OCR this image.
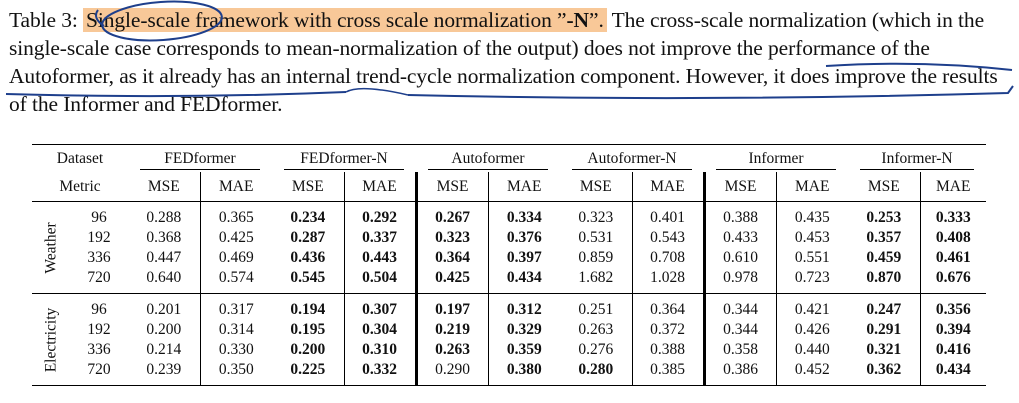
Table 3: Single-scale framework with cross scale normalization ”-N”. The cross-scale normalization (which in the single-scale case corresponds to mean-normalization of the output) does not improve the performance of the Autoformer, as it already has an internal trend-cycle normalization component. However, it does improve the results of the Informer and FEDformer.
Dataset		FEDformer		FEDformer-N		Autoformer		Autoformer-N		Informer		Informer-N	
Metric		MSE	MAE	MSE	MAE	MSE	MAE	MSE	MAE	MSE	MAE	MSE	MAE

Weather	96	0.288	0.365	0.234	0.292	0.267	0.334	0.323	0.401	0.388	0.435	0.253	0.333
	192	0.368	0.425	0.287	0.337	0.323	0.376	0.531	0.543	0.433	0.453	0.357	0.408
	336	0.447	0.469	0.436	0.443	0.364	0.397	0.859	0.708	0.610	0.551	0.459	0.461
	720	0.640	0.574	0.545	0.504	0.425	0.434	1.682	1.028	0.978	0.723	0.870	0.676

Electricity	96	0.201	0.317	0.194	0.307	0.197	0.312	0.251	0.364	0.344	0.421	0.247	0.356
	192	0.200	0.314	0.195	0.304	0.219	0.329	0.263	0.372	0.344	0.426	0.291	0.394
	336	0.214	0.330	0.200	0.310	0.263	0.359	0.276	0.388	0.358	0.440	0.321	0.416
	720	0.239	0.350	0.225	0.332	0.290	0.380	0.280	0.385	0.386	0.452	0.362	0.434
